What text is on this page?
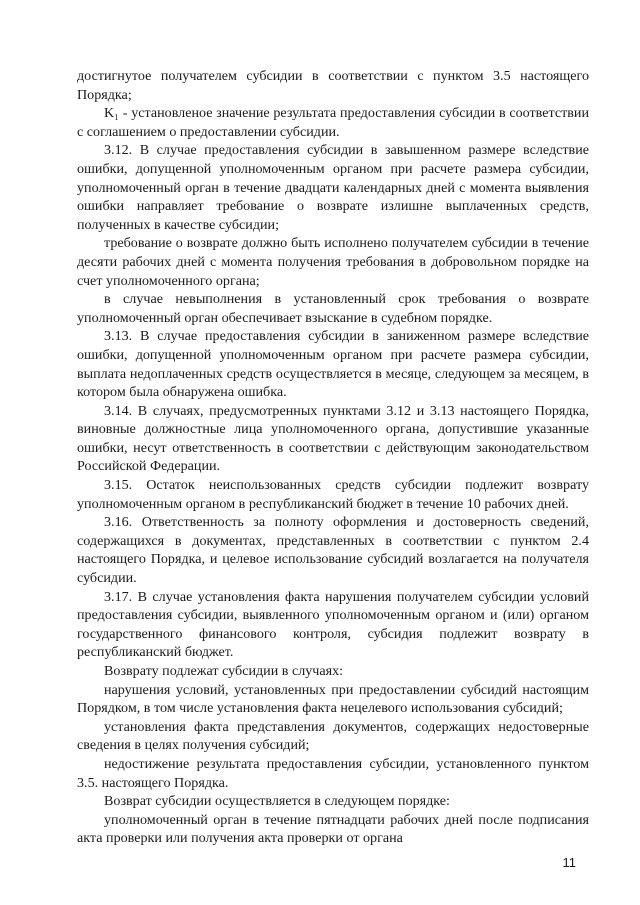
достигнутое получателем субсидии в соответствии с пунктом 3.5 настоящего Порядка;

K₁ - установленое значение результата предоставления субсидии в соответствии с соглашением о предоставлении субсидии.

3.12. В случае предоставления субсидии в завышенном размере вследствие ошибки, допущенной уполномоченным органом при расчете размера субсидии, уполномоченный орган в течение двадцати календарных дней с момента выявления ошибки направляет требование о возврате излишне выплаченных средств, полученных в качестве субсидии;

требование о возврате должно быть исполнено получателем субсидии в течение десяти рабочих дней с момента получения требования в добровольном порядке на счет уполномоченного органа;

в случае невыполнения в установленный срок требования о возврате уполномоченный орган обеспечивает взыскание в судебном порядке.

3.13. В случае предоставления субсидии в заниженном размере вследствие ошибки, допущенной уполномоченным органом при расчете размера субсидии, выплата недоплаченных средств осуществляется в месяце, следующем за месяцем, в котором была обнаружена ошибка.

3.14. В случаях, предусмотренных пунктами 3.12 и 3.13 настоящего Порядка, виновные должностные лица уполномоченного органа, допустившие указанные ошибки, несут ответственность в соответствии с действующим законодательством Российской Федерации.

3.15. Остаток неиспользованных средств субсидии подлежит возврату уполномоченным органом в республиканский бюджет в течение 10 рабочих дней.

3.16. Ответственность за полноту оформления и достоверность сведений, содержащихся в документах, представленных в соответствии с пунктом 2.4 настоящего Порядка, и целевое использование субсидий возлагается на получателя субсидии.

3.17. В случае установления факта нарушения получателем субсидии условий предоставления субсидии, выявленного уполномоченным органом и (или) органом государственного финансового контроля, субсидия подлежит возврату в республиканский бюджет.

Возврату подлежат субсидии в случаях:

нарушения условий, установленных при предоставлении субсидий настоящим Порядком, в том числе установления факта нецелевого использования субсидий;

установления факта представления документов, содержащих недостоверные сведения в целях получения субсидий;

недостижение результата предоставления субсидии, установленного пунктом 3.5. настоящего Порядка.

Возврат субсидии осуществляется в следующем порядке:

уполномоченный орган в течение пятнадцати рабочих дней после подписания акта проверки или получения акта проверки от органа

11
